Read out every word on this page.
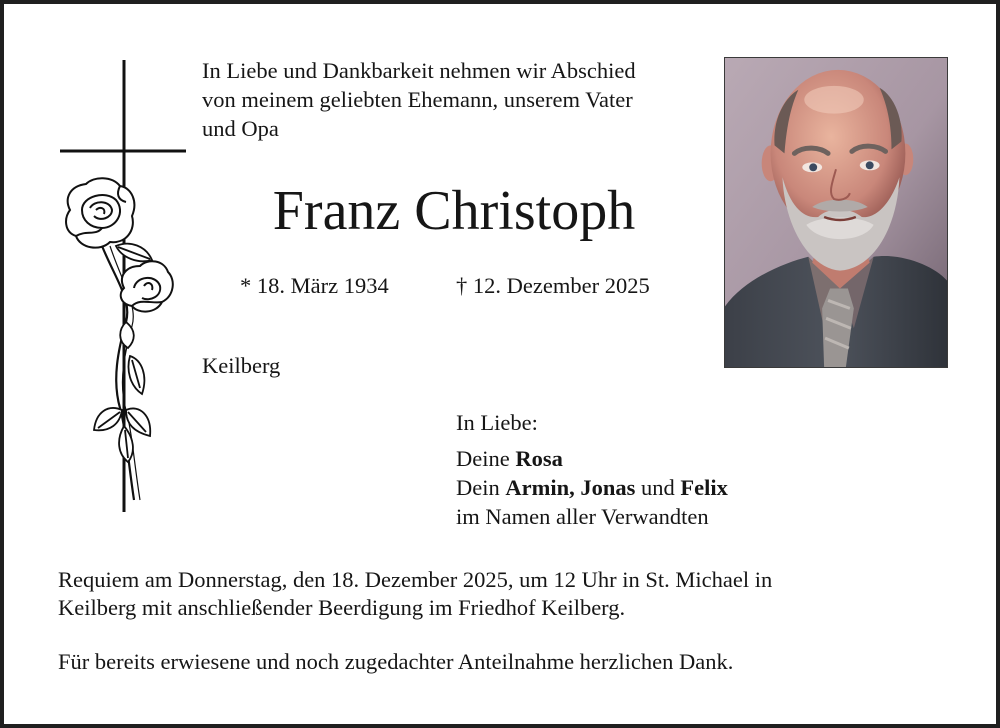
In Liebe und Dankbarkeit nehmen wir Abschied
von meinem geliebten Ehemann, unserem Vater
und Opa
Franz Christoph
* 18. März 1934	† 12. Dezember 2025
Keilberg
In Liebe:
Deine Rosa
Dein Armin, Jonas und Felix
im Namen aller Verwandten
Requiem am Donnerstag, den 18. Dezember 2025, um 12 Uhr in St. Michael in
Keilberg mit anschließender Beerdigung im Friedhof Keilberg.
Für bereits erwiesene und noch zugedachter Anteilnahme herzlichen Dank.
